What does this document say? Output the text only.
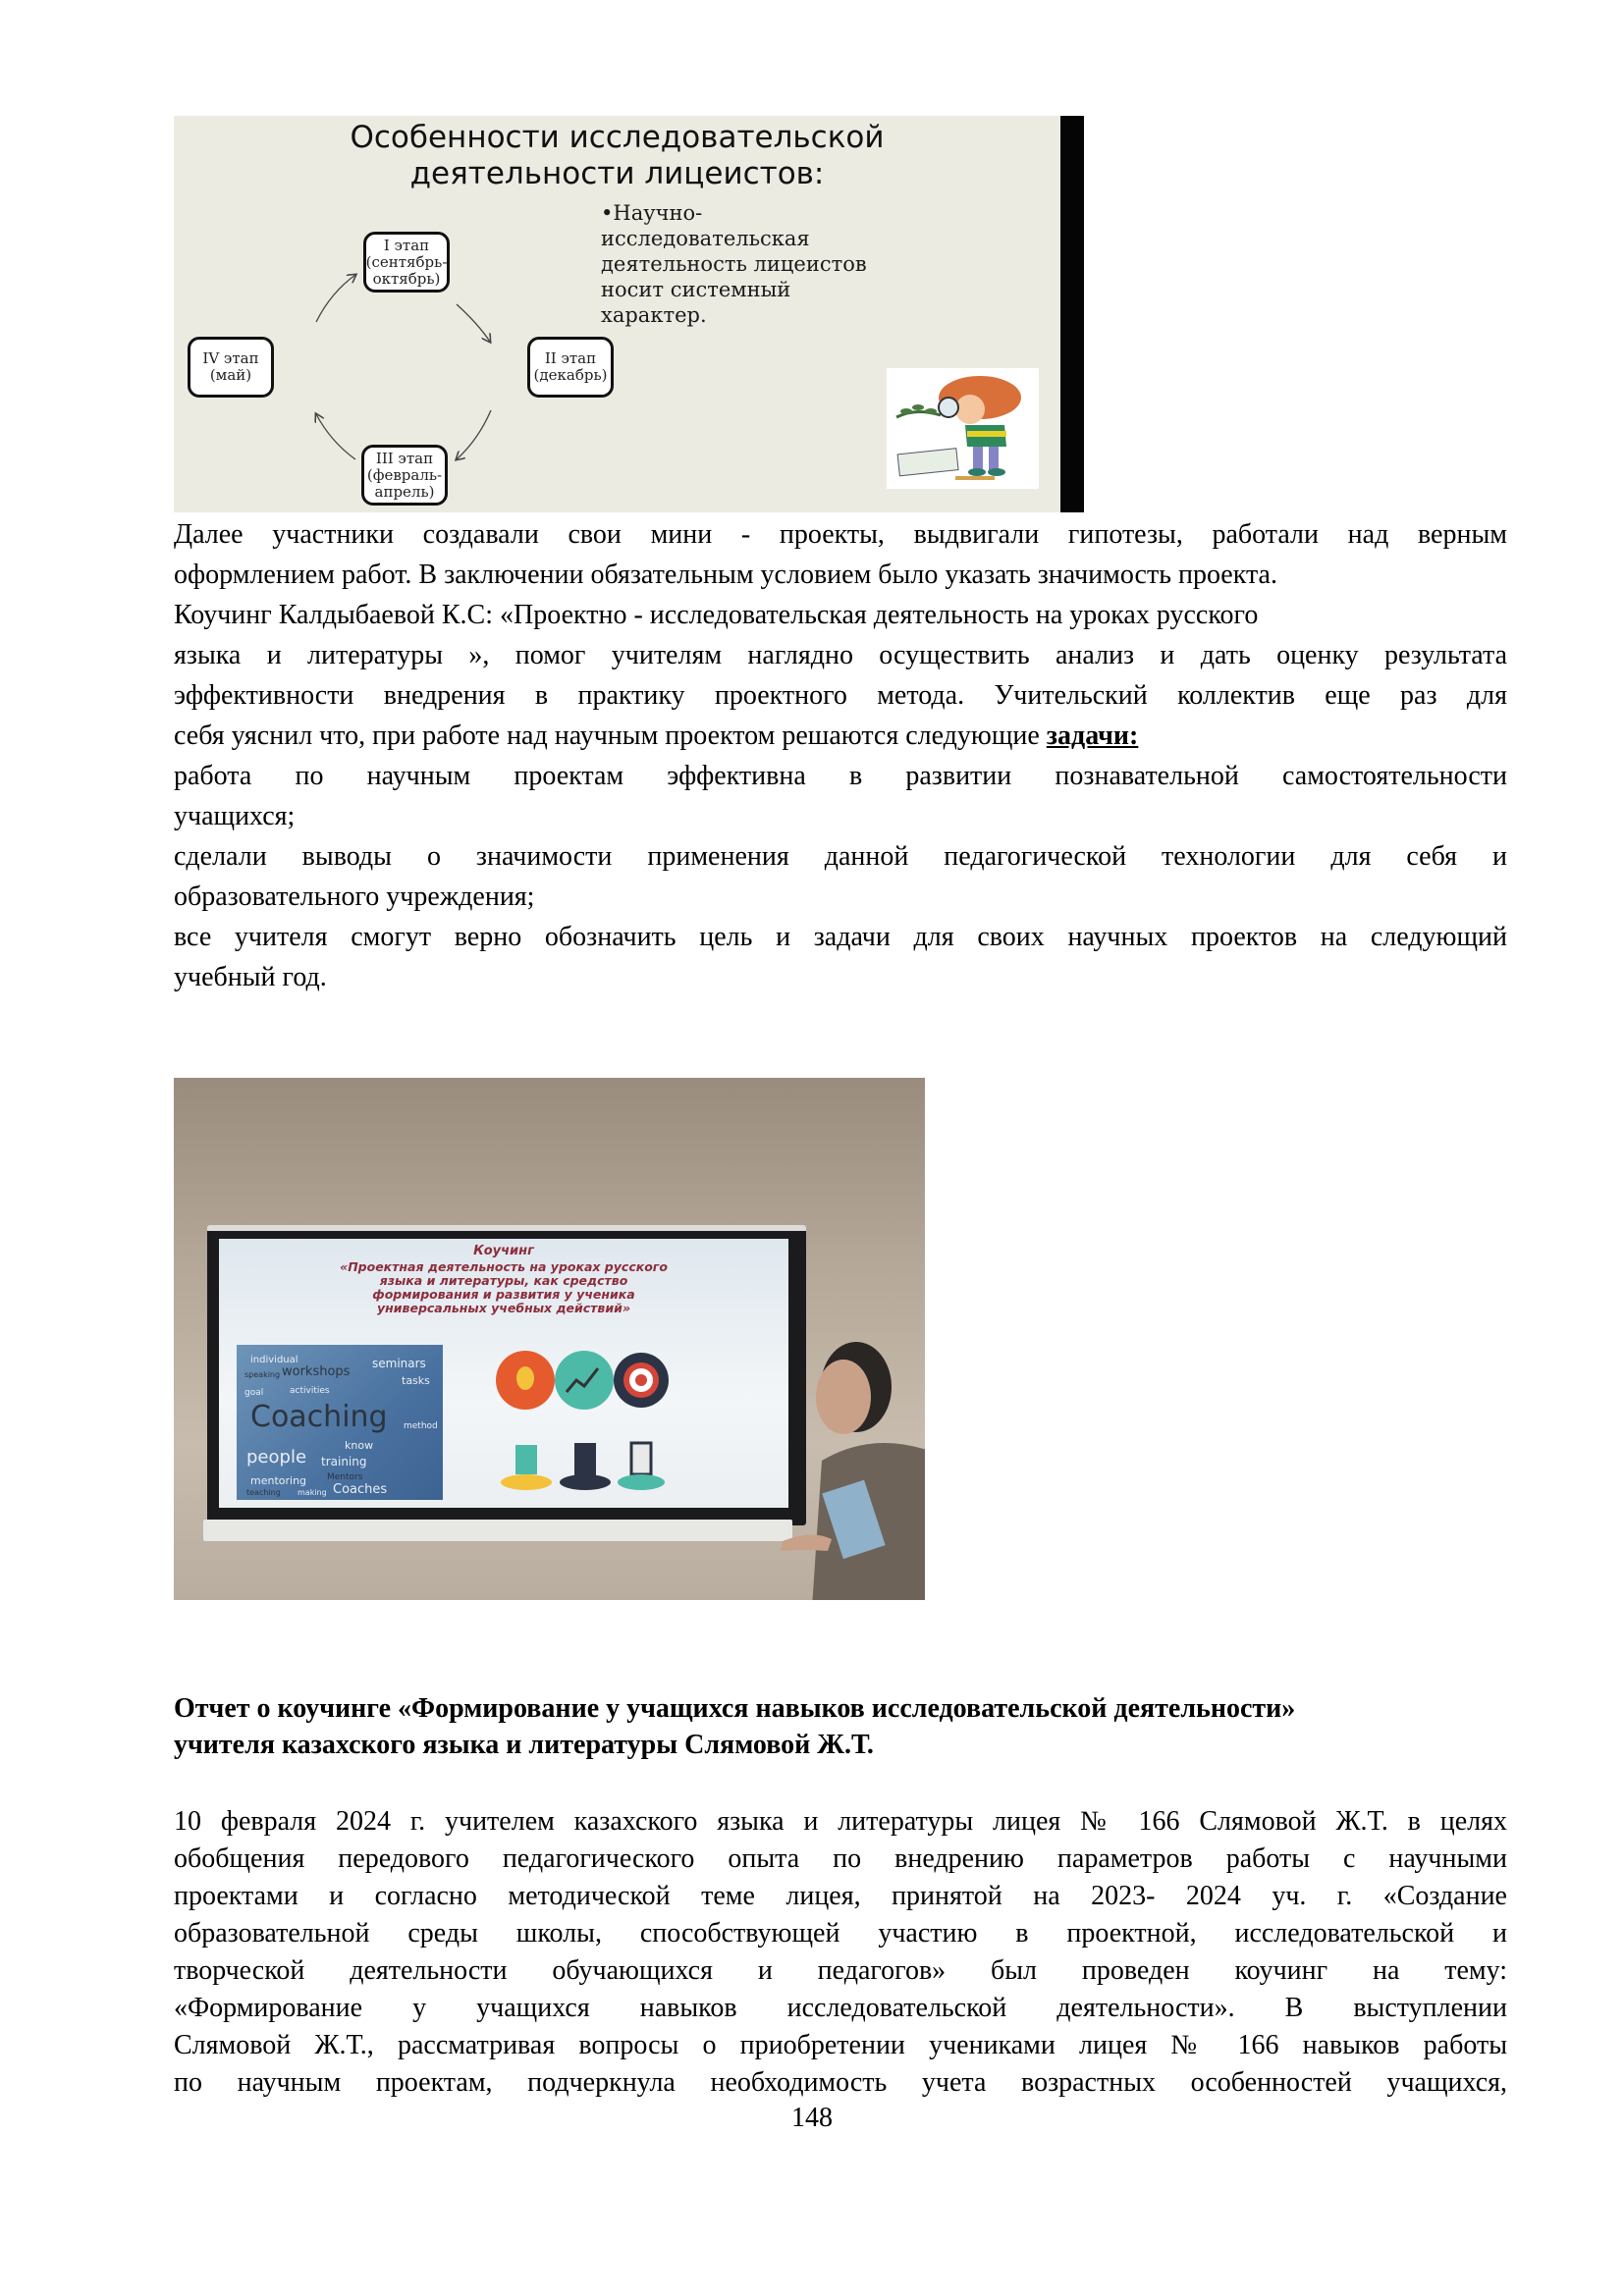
Особенности исследовательской
деятельности лицеистов:
•Научно-
исследовательская
деятельность лицеистов
носит системный
характер.
I этап
(сентябрь-
октябрь)
II этап
(декабрь)
III этап
(февраль-
апрель)
IV этап
(май)
Далее участники создавали свои мини - проекты, выдвигали гипотезы, работали над верным
оформлением работ. В заключении обязательным условием было указать значимость проекта.
Коучинг Калдыбаевой К.С: «Проектно - исследовательская деятельность на уроках русского
языка и литературы », помог учителям наглядно осуществить анализ и дать оценку результата
эффективности внедрения в практику проектного метода. Учительский коллектив еще раз для
себя уяснил что, при работе над научным проектом решаются следующие задачи:
работа по научным проектам эффективна в развитии познавательной самостоятельности
учащихся;
сделали выводы о значимости применения данной педагогической технологии для себя и
образовательного учреждения;
все учителя смогут верно обозначить цель и задачи для своих научных проектов на следующий
учебный год.
Коучинг
«Проектная деятельность на уроках русского
языка и литературы, как средство
формирования и развития у ученика
универсальных учебных действий»
individual
speaking workshops
seminars
tasks
goal	activities
Coaching method
know
people training
mentoring Mentors
teaching making Coaches
Отчет о коучинге «Формирование у учащихся навыков исследовательской деятельности»
учителя казахского языка и литературы Слямовой Ж.Т.
10 февраля 2024 г. учителем казахского языка и литературы лицея № 166 Слямовой Ж.Т. в целях
обобщения передового педагогического опыта по внедрению параметров работы с научными
проектами и согласно методической теме лицея, принятой на 2023- 2024 уч. г. «Создание
образовательной среды школы, способствующей участию в проектной, исследовательской и
творческой деятельности обучающихся и педагогов» был проведен коучинг на тему:
«Формирование у учащихся навыков исследовательской деятельности». В выступлении
Слямовой Ж.Т., рассматривая вопросы о приобретении учениками лицея № 166 навыков работы
по научным проектам, подчеркнула необходимость учета возрастных особенностей учащихся,
148
